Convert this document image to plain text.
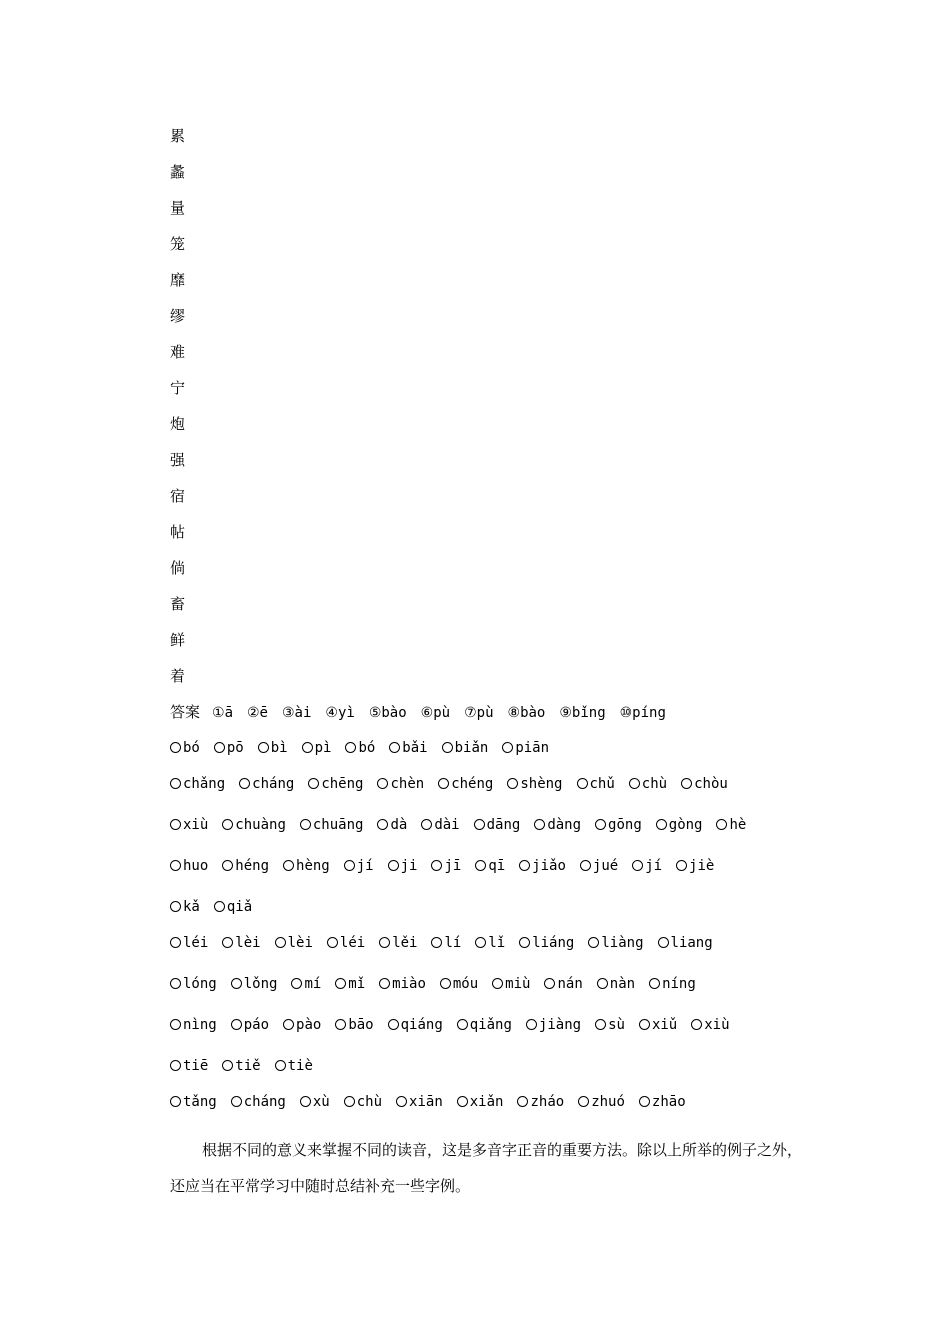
累
蠡
量
笼
靡
缪
难
宁
炮
强
宿
帖
倘
畜
鲜
着
答案 ①ā ②ē ③ài ④yì ⑤bào ⑥pù ⑦pù ⑧bào ⑨bǐng ⑩píng
bó pō bì pì bó bǎi biǎn piān
chǎng cháng chēng chèn chéng shèng chǔ chù chòu
xiù chuàng chuāng dà dài dāng dàng gōng gòng hè
huo héng hèng jí ji jī qī jiǎo jué jí jiè
kǎ qiǎ
léi lèi lèi léi lěi lí lǐ liáng liàng liang
lóng lǒng mí mǐ miào móu miù nán nàn níng
nìng páo pào bāo qiáng qiǎng jiàng sù xiǔ xiù
tiē tiě tiè
tǎng cháng xù chù xiān xiǎn zháo zhuó zhāo

根据不同的意义来掌握不同的读音，这是多音字正音的重要方法。除以上所举的例子之外，还应当在平常学习中随时总结补充一些字例。
